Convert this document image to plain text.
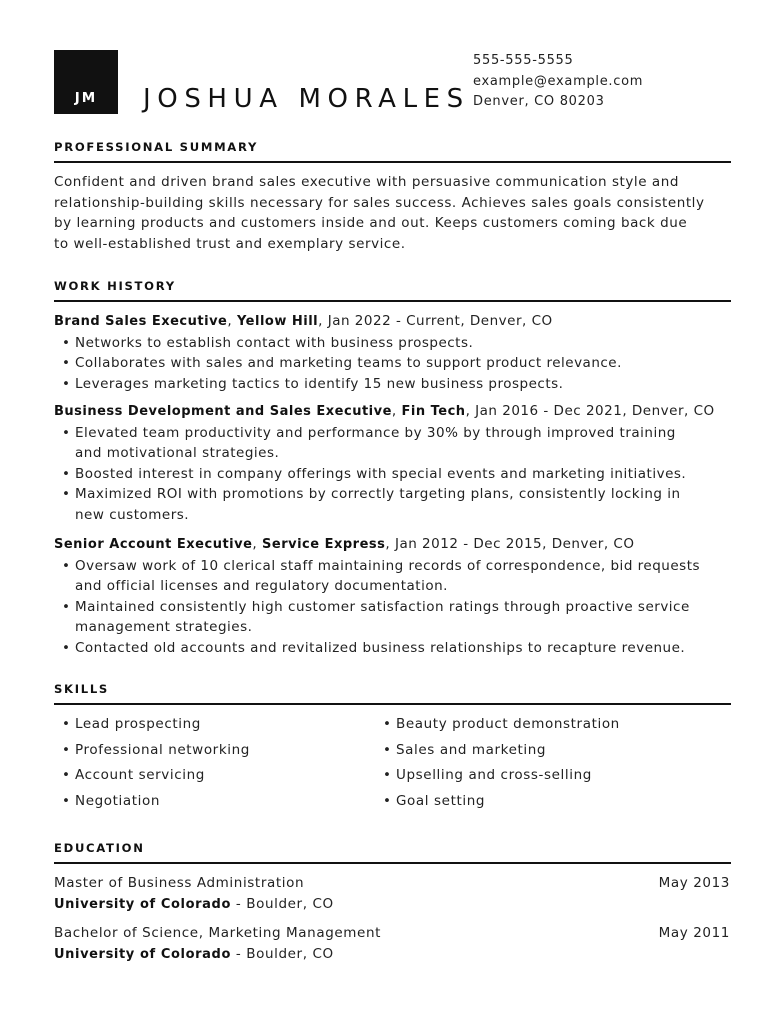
JM	JOSHUA MORALES
555-555-5555
example@example.com
Denver, CO 80203
PROFESSIONAL SUMMARY
Confident and driven brand sales executive with persuasive communication style and
relationship-building skills necessary for sales success. Achieves sales goals consistently
by learning products and customers inside and out. Keeps customers coming back due
to well-established trust and exemplary service.
WORK HISTORY
Brand Sales Executive, Yellow Hill, Jan 2022 - Current, Denver, CO
• Networks to establish contact with business prospects.
• Collaborates with sales and marketing teams to support product relevance.
• Leverages marketing tactics to identify 15 new business prospects.
Business Development and Sales Executive, Fin Tech, Jan 2016 - Dec 2021, Denver, CO
• Elevated team productivity and performance by 30% by through improved training
and motivational strategies.
• Boosted interest in company offerings with special events and marketing initiatives.
• Maximized ROI with promotions by correctly targeting plans, consistently locking in
new customers.
Senior Account Executive, Service Express, Jan 2012 - Dec 2015, Denver, CO
• Oversaw work of 10 clerical staff maintaining records of correspondence, bid requests
and official licenses and regulatory documentation.
• Maintained consistently high customer satisfaction ratings through proactive service
management strategies.
• Contacted old accounts and revitalized business relationships to recapture revenue.
SKILLS
• Lead prospecting
• Professional networking
• Account servicing
• Negotiation
• Beauty product demonstration
• Sales and marketing
• Upselling and cross-selling
• Goal setting
EDUCATION
Master of Business Administration	May 2013
University of Colorado - Boulder, CO
Bachelor of Science, Marketing Management	May 2011
University of Colorado - Boulder, CO
